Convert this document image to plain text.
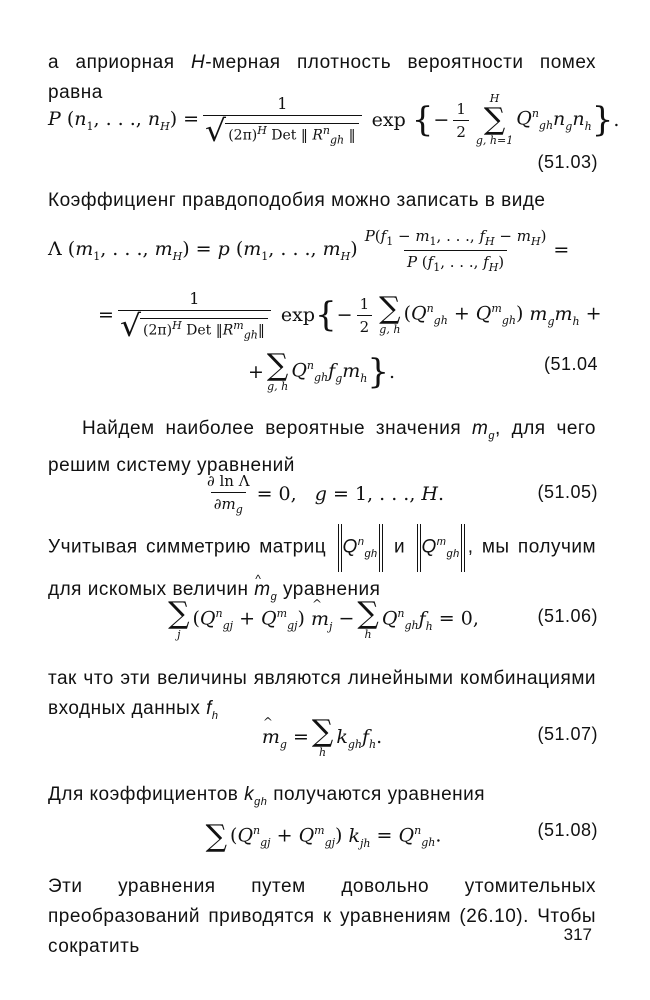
а априорная H-мерная плотность вероятности помех равна

P ($n_1$, . . ., $n_H) = \frac{1}{√ (2\pi)^H Det ‖ R^n_{gh} ‖}$ exp { − $\frac{1}{2}$
H
∑
g, h=1
$Q^n_{gh}n_gn_h$ } .
(51.03)

Коэффициенг правдоподобия можно записать в виде

Λ ($m_1$, . . ., $m_H) = p$ ($m_1$, . . ., $m_H) \frac{P(f_1 - m_1, . . ., f_H - m_H)}{P (f_1, . . ., f_H)}$ =
= $\frac{1}{√ (2\pi)^H Det ‖R^m_{gh}‖}$ exp { − $\frac{1}{2}$ ∑
g, h
$(Q^n_{gh} + Q^m_{gh}) m_gm_h$ +
+ ∑
g, h
$Q^n_{gh}f_gm_h$ } .	(51.04

Найдем наиболее вероятные значения $m_g$, для чего решим систему уравнений

$\frac{\text{∂ ln Λ}}{\partial m_g} = 0$,   g = 1, . . ., H.	(51.05)

Учитывая симметрию матриц $Q^n_{gh}$ и $Q^m_{gh}$ , мы получим для искомых величин ^ $m_g$ уравнения

∑
j
$(Q^n_{gj} + Q^m_{gj})$ ^ $m_j$ − ∑
h
$Q^n_{gh}f_h = 0$,	(51.06)

так что эти величины являются линейными комбинациями входных данных $f_h$

^ $m_g$ = ∑
h
$k_{gh}f_h$.	(51.07)

Для коэффициентов $k_{gh}$ получаются уравнения

∑ $(Q^n_{gj} + Q^m_{gj}) k_{jh} = Q^n_{gh}$.	(51.08)

Эти уравнения путем довольно утомительных преобразований приводятся к уравнениям (26.10). Чтобы сократить

317
